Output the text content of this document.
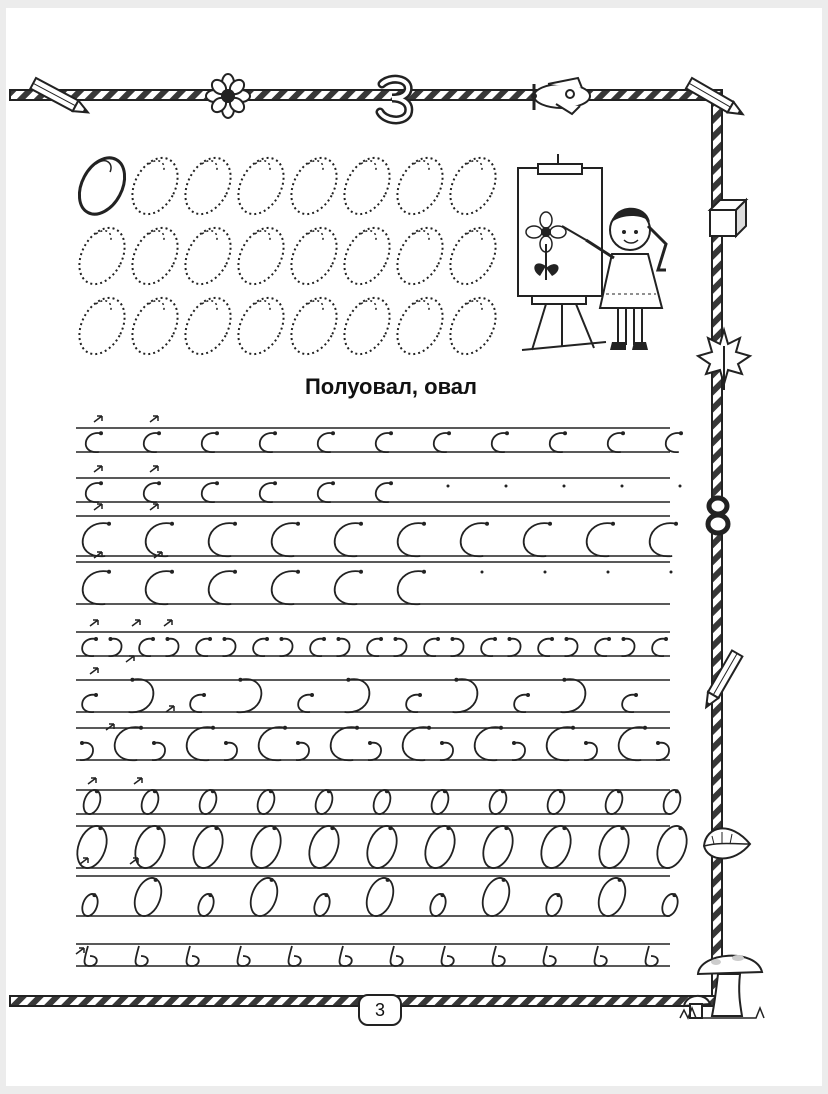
Полуовал, овал
3
